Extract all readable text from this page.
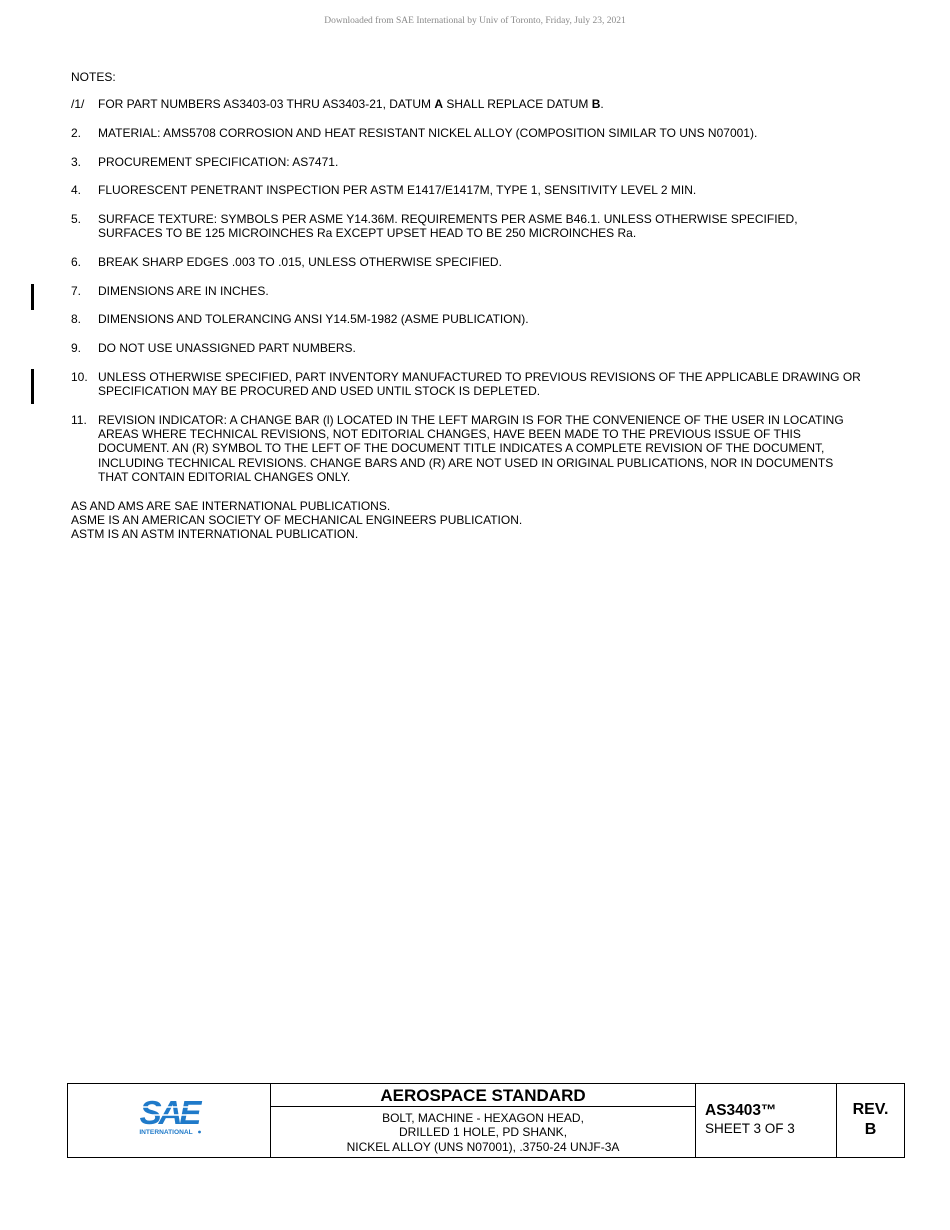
Downloaded from SAE International by Univ of Toronto, Friday, July 23, 2021
NOTES:
/1/	FOR PART NUMBERS AS3403-03 THRU AS3403-21, DATUM A SHALL REPLACE DATUM B.
2.	MATERIAL: AMS5708 CORROSION AND HEAT RESISTANT NICKEL ALLOY (COMPOSITION SIMILAR TO UNS N07001).
3.	PROCUREMENT SPECIFICATION: AS7471.
4.	FLUORESCENT PENETRANT INSPECTION PER ASTM E1417/E1417M, TYPE 1, SENSITIVITY LEVEL 2 MIN.
5.	SURFACE TEXTURE: SYMBOLS PER ASME Y14.36M. REQUIREMENTS PER ASME B46.1. UNLESS OTHERWISE SPECIFIED, SURFACES TO BE 125 MICROINCHES Ra EXCEPT UPSET HEAD TO BE 250 MICROINCHES Ra.
6.	BREAK SHARP EDGES .003 TO .015, UNLESS OTHERWISE SPECIFIED.
7.	DIMENSIONS ARE IN INCHES.
8.	DIMENSIONS AND TOLERANCING ANSI Y14.5M-1982 (ASME PUBLICATION).
9.	DO NOT USE UNASSIGNED PART NUMBERS.
10. UNLESS OTHERWISE SPECIFIED, PART INVENTORY MANUFACTURED TO PREVIOUS REVISIONS OF THE APPLICABLE DRAWING OR SPECIFICATION MAY BE PROCURED AND USED UNTIL STOCK IS DEPLETED.
11. REVISION INDICATOR: A CHANGE BAR (l) LOCATED IN THE LEFT MARGIN IS FOR THE CONVENIENCE OF THE USER IN LOCATING AREAS WHERE TECHNICAL REVISIONS, NOT EDITORIAL CHANGES, HAVE BEEN MADE TO THE PREVIOUS ISSUE OF THIS DOCUMENT. AN (R) SYMBOL TO THE LEFT OF THE DOCUMENT TITLE INDICATES A COMPLETE REVISION OF THE DOCUMENT, INCLUDING TECHNICAL REVISIONS. CHANGE BARS AND (R) ARE NOT USED IN ORIGINAL PUBLICATIONS, NOR IN DOCUMENTS THAT CONTAIN EDITORIAL CHANGES ONLY.
AS AND AMS ARE SAE INTERNATIONAL PUBLICATIONS.
ASME IS AN AMERICAN SOCIETY OF MECHANICAL ENGINEERS PUBLICATION.
ASTM IS AN ASTM INTERNATIONAL PUBLICATION.
SAE
INTERNATIONAL
AEROSPACE STANDARD
BOLT, MACHINE - HEXAGON HEAD,
DRILLED 1 HOLE, PD SHANK,
NICKEL ALLOY (UNS N07001), .3750-24 UNJF-3A
AS3403™
SHEET 3 OF 3
REV.
B
